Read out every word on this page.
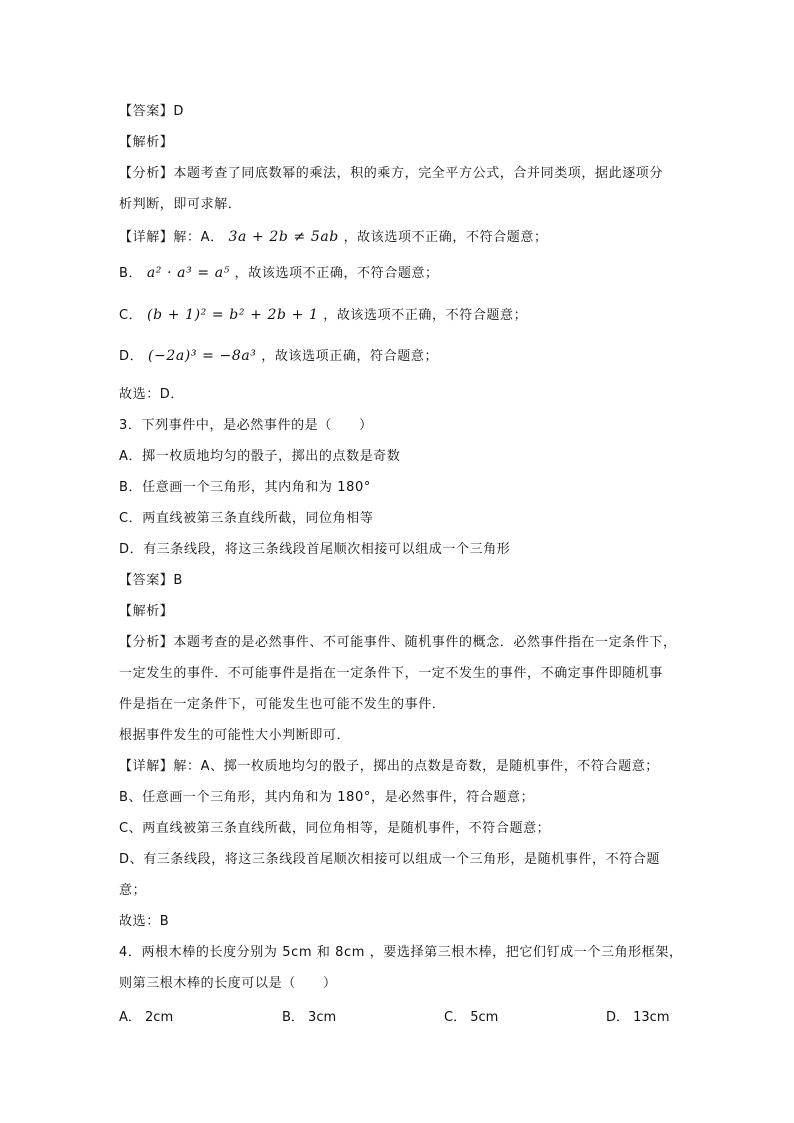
【答案】D
【解析】
【分析】本题考查了同底数幂的乘法，积的乘方，完全平方公式，合并同类项，据此逐项分
析判断，即可求解．
【详解】解：A． 3a + 2b ≠ 5ab ，故该选项不正确，不符合题意；
B． a² · a³ = a⁵ ，故该选项不正确，不符合题意；
C． (b + 1)² = b² + 2b + 1 ，故该选项不正确，不符合题意；
D． (−2a)³ = −8a³ ，故该选项正确，符合题意；
故选：D．
3．下列事件中，是必然事件的是（　　）
A．掷一枚质地均匀的骰子，掷出的点数是奇数
B．任意画一个三角形，其内角和为 180°
C．两直线被第三条直线所截，同位角相等
D．有三条线段，将这三条线段首尾顺次相接可以组成一个三角形
【答案】B
【解析】
【分析】本题考查的是必然事件、不可能事件、随机事件的概念．必然事件指在一定条件下，
一定发生的事件．不可能事件是指在一定条件下，一定不发生的事件，不确定事件即随机事
件是指在一定条件下，可能发生也可能不发生的事件．
根据事件发生的可能性大小判断即可．
【详解】解：A、掷一枚质地均匀的骰子，掷出的点数是奇数，是随机事件，不符合题意；
B、任意画一个三角形，其内角和为 180°，是必然事件，符合题意；
C、两直线被第三条直线所截，同位角相等，是随机事件，不符合题意；
D、有三条线段，将这三条线段首尾顺次相接可以组成一个三角形，是随机事件，不符合题
意；
故选：B
4．两根木棒的长度分别为 5cm 和 8cm ，要选择第三根木棒，把它们钉成一个三角形框架，
则第三根木棒的长度可以是（　　）
A． 2cm	B． 3cm	C． 5cm	D． 13cm
